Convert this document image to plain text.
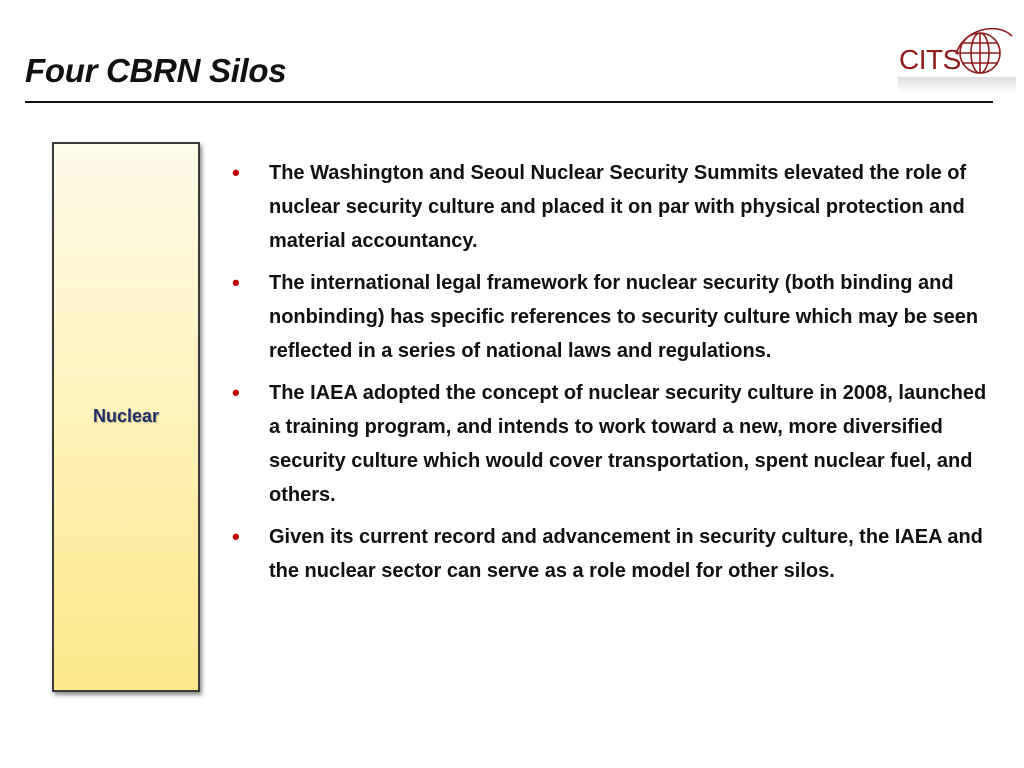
Four CBRN Silos	CITS
Nuclear
• The Washington and Seoul Nuclear Security Summits elevated the role of nuclear security culture and placed it on par with physical protection and material accountancy.
• The international legal framework for nuclear security (both binding and nonbinding) has specific references to security culture which may be seen reflected in a series of national laws and regulations.
• The IAEA adopted the concept of nuclear security culture in 2008, launched a training program, and intends to work toward a new, more diversified security culture which would cover transportation, spent nuclear fuel, and others.
• Given its current record and advancement in security culture, the IAEA and the nuclear sector can serve as a role model for other silos.
